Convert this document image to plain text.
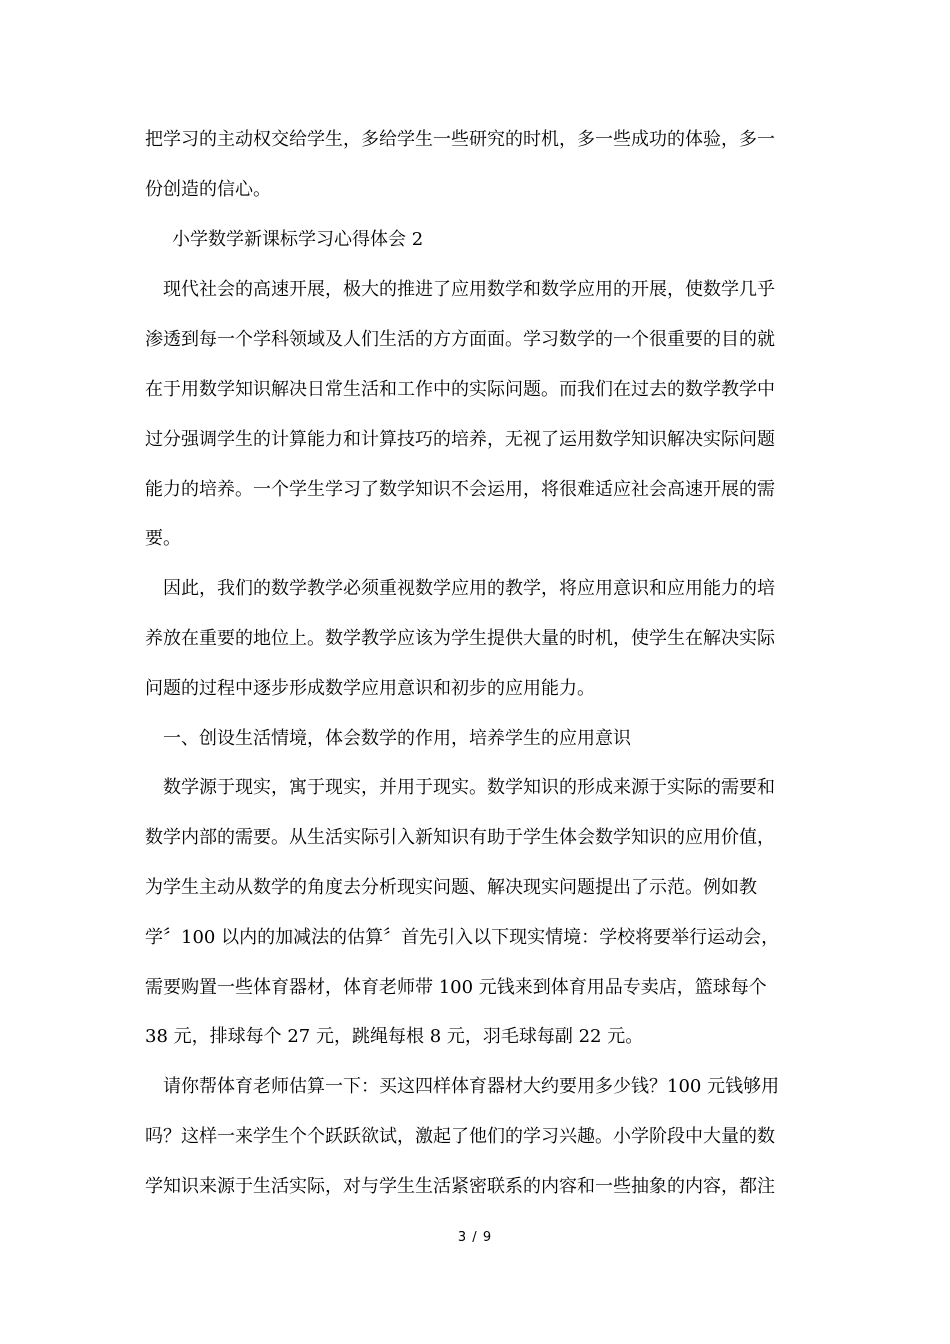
把学习的主动权交给学生，多给学生一些研究的时机，多一些成功的体验，多一
份创造的信心。
小学数学新课标学习心得体会 2
现代社会的高速开展，极大的推进了应用数学和数学应用的开展，使数学几乎
渗透到每一个学科领域及人们生活的方方面面。学习数学的一个很重要的目的就
在于用数学知识解决日常生活和工作中的实际问题。而我们在过去的数学教学中
过分强调学生的计算能力和计算技巧的培养，无视了运用数学知识解决实际问题
能力的培养。一个学生学习了数学知识不会运用，将很难适应社会高速开展的需
要。
因此，我们的数学教学必须重视数学应用的教学，将应用意识和应用能力的培
养放在重要的地位上。数学教学应该为学生提供大量的时机，使学生在解决实际
问题的过程中逐步形成数学应用意识和初步的应用能力。
一、创设生活情境，体会数学的作用，培养学生的应用意识
数学源于现实，寓于现实，并用于现实。数学知识的形成来源于实际的需要和
数学内部的需要。从生活实际引入新知识有助于学生体会数学知识的应用价值，
为学生主动从数学的角度去分析现实问题、解决现实问题提出了示范。例如教
学〞100 以内的加减法的估算〞首先引入以下现实情境：学校将要举行运动会，
需要购置一些体育器材，体育老师带 100 元钱来到体育用品专卖店，篮球每个
38 元，排球每个 27 元，跳绳每根 8 元，羽毛球每副 22 元。
请你帮体育老师估算一下：买这四样体育器材大约要用多少钱？100 元钱够用
吗？这样一来学生个个跃跃欲试，激起了他们的学习兴趣。小学阶段中大量的数
学知识来源于生活实际，对与学生生活紧密联系的内容和一些抽象的内容，都注
3 / 9
